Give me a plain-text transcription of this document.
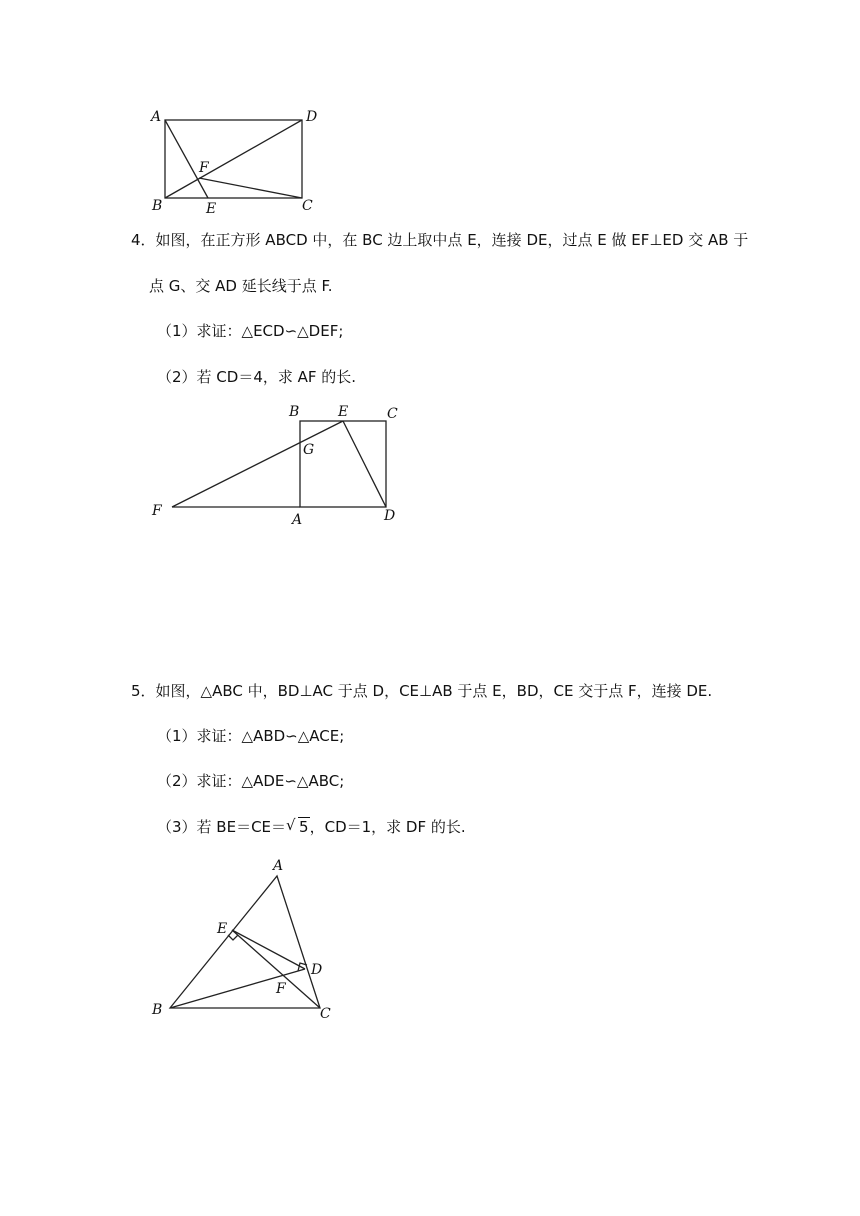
A	D
B	C
E
F
4．如图，在正方形 ABCD 中，在 BC 边上取中点 E，连接 DE，过点 E 做 EF⊥ED 交 AB 于
点 G、交 AD 延长线于点 F.
（1）求证：△ECD∽△DEF;
（2）若 CD＝4，求 AF 的长.
B	E	C
G
F
A	D
5．如图，△ABC 中，BD⊥AC 于点 D，CE⊥AB 于点 E，BD，CE 交于点 F，连接 DE.
（1）求证：△ABD∽△ACE;
（2）求证：△ADE∽△ABC;
（3）若 BE＝CE＝ √ 5，CD＝1，求 DF 的长.
A
E
D
F
B	C
